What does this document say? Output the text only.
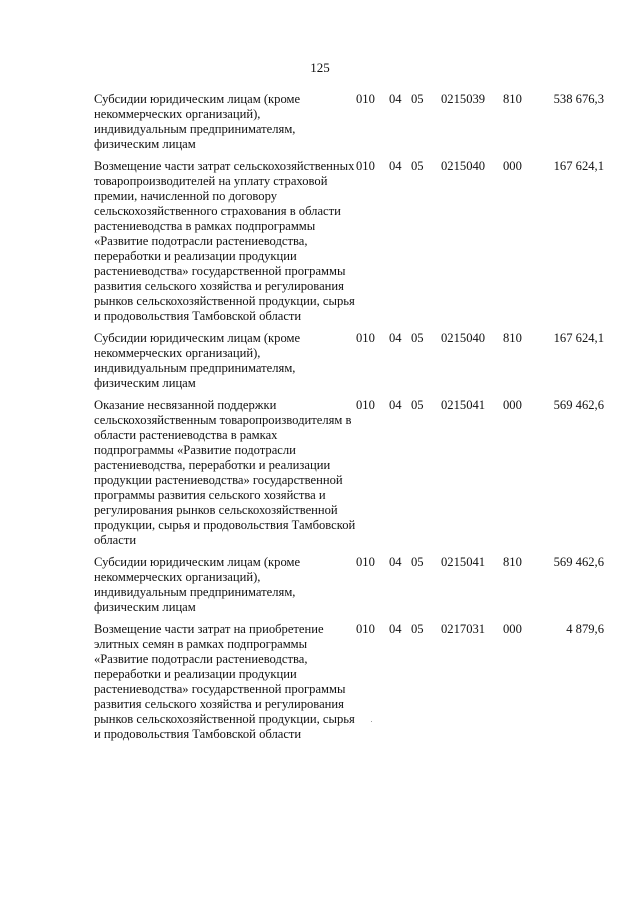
125
Субсидии юридическим лицам (кроме некоммерческих организаций), индивидуальным предпринимателям, физическим лицам	010	04	05	0215039	810	538 676,3
Возмещение части затрат сельскохозяйственных товаропроизводителей на уплату страховой премии, начисленной по договору сельскохозяйственного страхования в области растениеводства в рамках подпрограммы «Развитие подотрасли растениеводства, переработки и реализации продукции растениеводства» государственной программы развития сельского хозяйства и регулирования рынков сельскохозяйственной продукции, сырья и продовольствия Тамбовской области	010	04	05	0215040	000	167 624,1
Субсидии юридическим лицам (кроме некоммерческих организаций), индивидуальным предпринимателям, физическим лицам	010	04	05	0215040	810	167 624,1
Оказание несвязанной поддержки сельскохозяйственным товаропроизводителям в области растениеводства в рамках подпрограммы «Развитие подотрасли растениеводства, переработки и реализации продукции растениеводства» государственной программы развития сельского хозяйства и регулирования рынков сельскохозяйственной продукции, сырья и продовольствия Тамбовской области	010	04	05	0215041	000	569 462,6
Субсидии юридическим лицам (кроме некоммерческих организаций), индивидуальным предпринимателям, физическим лицам	010	04	05	0215041	810	569 462,6
Возмещение части затрат на приобретение элитных семян в рамках подпрограммы «Развитие подотрасли растениеводства, переработки и реализации продукции растениеводства» государственной программы развития сельского хозяйства и регулирования рынков сельскохозяйственной продукции, сырья и продовольствия Тамбовской области	010	04	05	0217031	000	4 879,6
